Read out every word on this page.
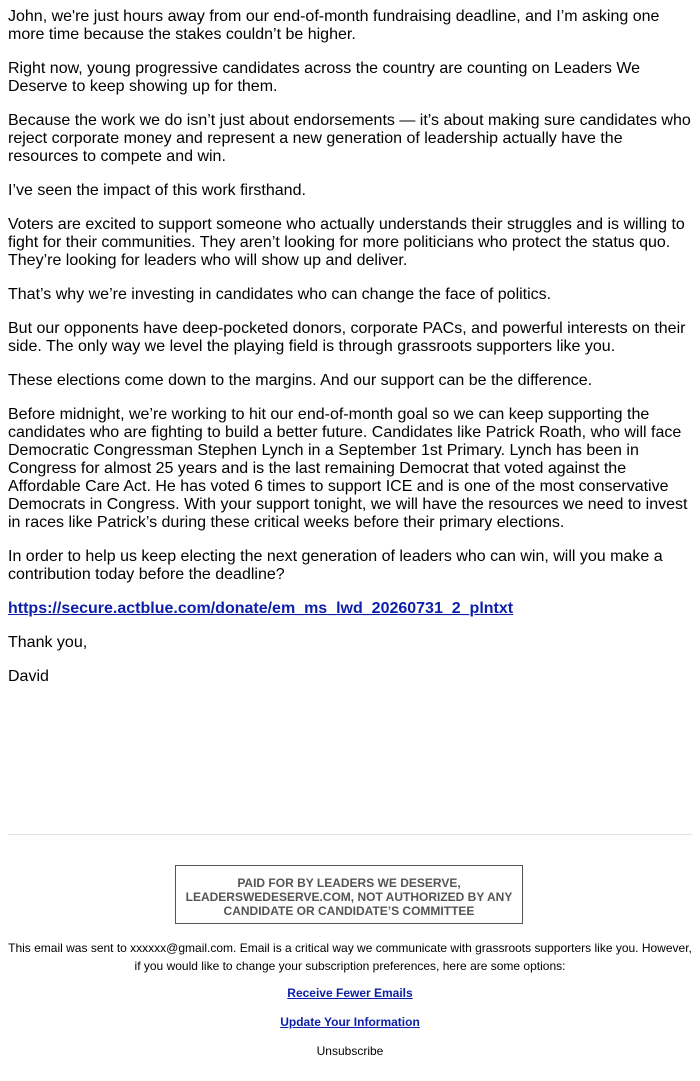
John, we're just hours away from our end-of-month fundraising deadline, and I’m asking one more time because the stakes couldn’t be higher.

Right now, young progressive candidates across the country are counting on Leaders We Deserve to keep showing up for them.

Because the work we do isn’t just about endorsements — it’s about making sure candidates who reject corporate money and represent a new generation of leadership actually have the resources to compete and win.

I’ve seen the impact of this work firsthand.

Voters are excited to support someone who actually understands their struggles and is willing to fight for their communities. They aren’t looking for more politicians who protect the status quo. They’re looking for leaders who will show up and deliver.

That’s why we’re investing in candidates who can change the face of politics.

But our opponents have deep-pocketed donors, corporate PACs, and powerful interests on their side. The only way we level the playing field is through grassroots supporters like you.

These elections come down to the margins. And our support can be the difference.

Before midnight, we’re working to hit our end-of-month goal so we can keep supporting the candidates who are fighting to build a better future. Candidates like Patrick Roath, who will face Democratic Congressman Stephen Lynch in a September 1st Primary. Lynch has been in Congress for almost 25 years and is the last remaining Democrat that voted against the Affordable Care Act. He has voted 6 times to support ICE and is one of the most conservative Democrats in Congress. With your support tonight, we will have the resources we need to invest in races like Patrick’s during these critical weeks before their primary elections.

In order to help us keep electing the next generation of leaders who can win, will you make a contribution today before the deadline?

https://secure.actblue.com/donate/em_ms_lwd_20260731_2_plntxt

Thank you,

David

PAID FOR BY LEADERS WE DESERVE, LEADERSWEDESERVE.COM, NOT AUTHORIZED BY ANY CANDIDATE OR CANDIDATE’S COMMITTEE
This email was sent to xxxxxx@gmail.com. Email is a critical way we communicate with grassroots supporters like you. However, if you would like to change your subscription preferences, here are some options:
Receive Fewer Emails
Update Your Information
Unsubscribe
